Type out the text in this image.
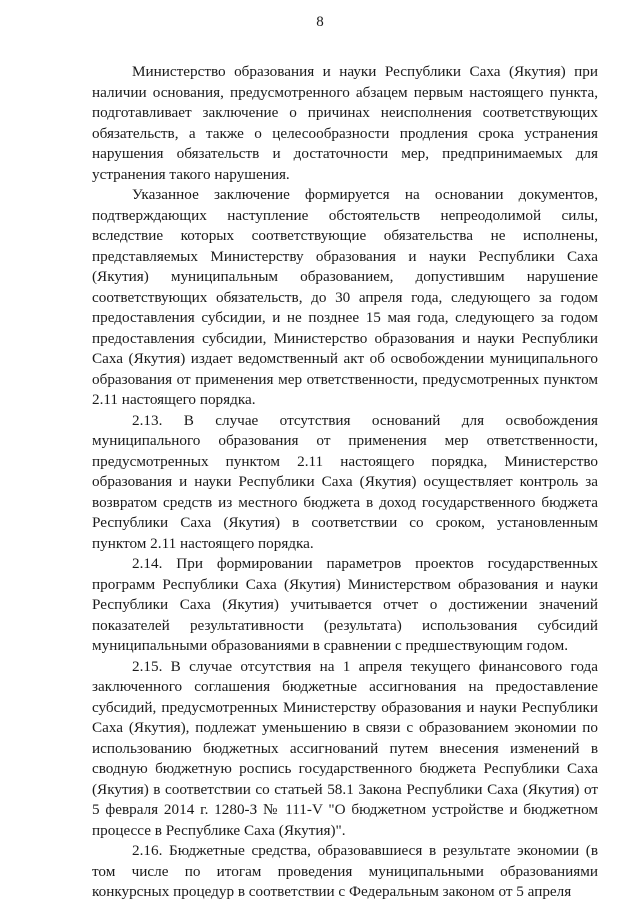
8

Министерство образования и науки Республики Саха (Якутия) при наличии основания, предусмотренного абзацем первым настоящего пункта, подготавливает заключение о причинах неисполнения соответствующих обязательств, а также о целесообразности продления срока устранения нарушения обязательств и достаточности мер, предпринимаемых для устранения такого нарушения.

Указанное заключение формируется на основании документов, подтверждающих наступление обстоятельств непреодолимой силы, вследствие которых соответствующие обязательства не исполнены, представляемых Министерству образования и науки Республики Саха (Якутия) муниципальным образованием, допустившим нарушение соответствующих обязательств, до 30 апреля года, следующего за годом предоставления субсидии, и не позднее 15 мая года, следующего за годом предоставления субсидии, Министерство образования и науки Республики Саха (Якутия) издает ведомственный акт об освобождении муниципального образования от применения мер ответственности, предусмотренных пунктом 2.11 настоящего порядка.

2.13. В случае отсутствия оснований для освобождения муниципального образования от применения мер ответственности, предусмотренных пунктом 2.11 настоящего порядка, Министерство образования и науки Республики Саха (Якутия) осуществляет контроль за возвратом средств из местного бюджета в доход государственного бюджета Республики Саха (Якутия) в соответствии со сроком, установленным пунктом 2.11 настоящего порядка.

2.14. При формировании параметров проектов государственных программ Республики Саха (Якутия) Министерством образования и науки Республики Саха (Якутия) учитывается отчет о достижении значений показателей результативности (результата) использования субсидий муниципальными образованиями в сравнении с предшествующим годом.

2.15. В случае отсутствия на 1 апреля текущего финансового года заключенного соглашения бюджетные ассигнования на предоставление субсидий, предусмотренных Министерству образования и науки Республики Саха (Якутия), подлежат уменьшению в связи с образованием экономии по использованию бюджетных ассигнований путем внесения изменений в сводную бюджетную роспись государственного бюджета Республики Саха (Якутия) в соответствии со статьей 58.1 Закона Республики Саха (Якутия) от 5 февраля 2014 г. 1280-З № 111-V "О бюджетном устройстве и бюджетном процессе в Республике Саха (Якутия)".

2.16. Бюджетные средства, образовавшиеся в результате экономии (в том числе по итогам проведения муниципальными образованиями конкурсных процедур в соответствии с Федеральным законом от 5 апреля
